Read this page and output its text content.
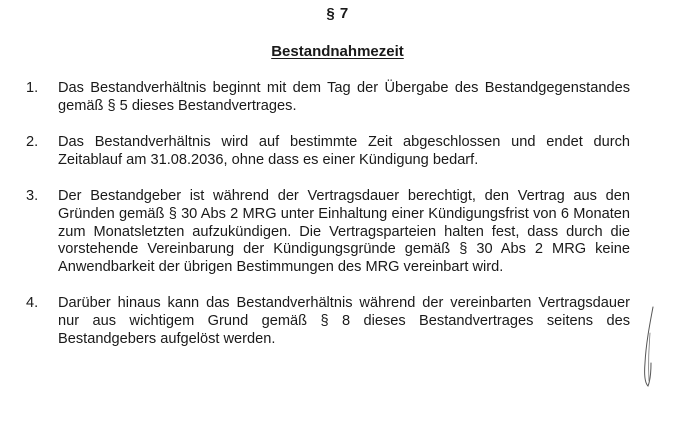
§ 7
Bestandnahmezeit
1. Das Bestandverhältnis beginnt mit dem Tag der Übergabe des Bestandgegenstandes gemäß § 5 dieses Bestandvertrages.
2. Das Bestandverhältnis wird auf bestimmte Zeit abgeschlossen und endet durch Zeitablauf am 31.08.2036, ohne dass es einer Kündigung bedarf.
3. Der Bestandgeber ist während der Vertragsdauer berechtigt, den Vertrag aus den Gründen gemäß § 30 Abs 2 MRG unter Einhaltung einer Kündigungsfrist von 6 Monaten zum Monatsletzten aufzukündigen. Die Vertragsparteien halten fest, dass durch die vorstehende Vereinbarung der Kündigungsgründe gemäß § 30 Abs 2 MRG keine Anwendbarkeit der übrigen Bestimmungen des MRG vereinbart wird.
4. Darüber hinaus kann das Bestandverhältnis während der vereinbarten Vertragsdauer nur aus wichtigem Grund gemäß § 8 dieses Bestandvertrages seitens des Bestandgebers aufgelöst werden.
